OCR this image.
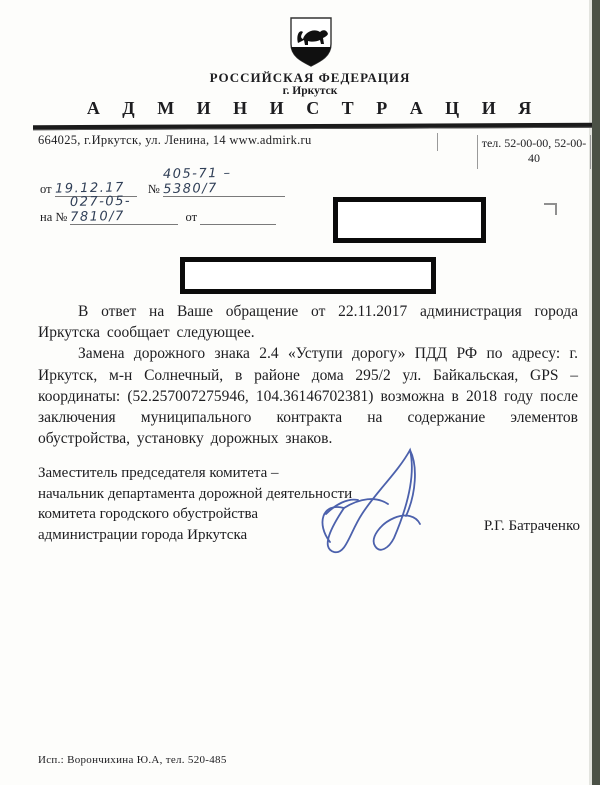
РОССИЙСКАЯ ФЕДЕРАЦИЯ
г. Иркутск
А Д М И Н И С Т Р А Ц И Я
664025, г.Иркутск, ул. Ленина, 14 www.admirk.ru	тел. 52-00-00, 52-00-40
от 19.12.17 № 405-71 – 5380/7
на № 027-05-7810/7	от

В ответ на Ваше обращение от 22.11.2017 администрация города Иркутска сообщает следующее.

Замена дорожного знака 2.4 «Уступи дорогу» ПДД РФ по адресу: г. Иркутск, м-н Солнечный, в районе дома 295/2 ул. Байкальская, GPS – координаты: (52.257007275946, 104.36146702381) возможна в 2018 году после заключения муниципального контракта на содержание элементов обустройства, установку дорожных знаков.

Заместитель председателя комитета –
начальник департамента дорожной деятельности
комитета городского обустройства
администрации города Иркутска
Р.Г. Батраченко
Исп.: Ворончихина Ю.А, тел. 520-485
